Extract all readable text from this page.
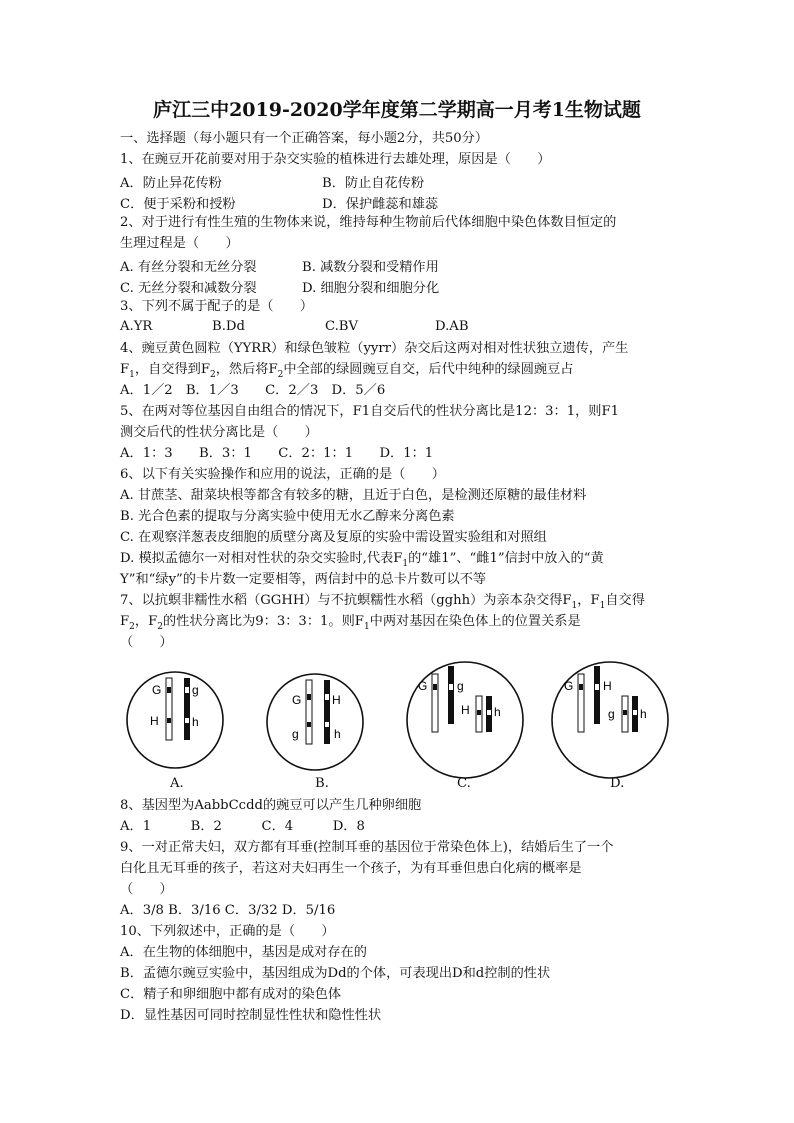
庐江三中2019-2020学年度第二学期高一月考1生物试题
一、选择题（每小题只有一个正确答案，每小题2分，共50分）
1、在豌豆开花前要对用于杂交实验的植株进行去雄处理，原因是（　　）
A．防止异花传粉	B．防止自花传粉
C．便于采粉和授粉	D．保护雌蕊和雄蕊
2、对于进行有性生殖的生物体来说，维持每种生物前后代体细胞中染色体数目恒定的
生理过程是（　　）
A. 有丝分裂和无丝分裂	B. 减数分裂和受精作用
C. 无丝分裂和减数分裂	D. 细胞分裂和细胞分化
3、下列不属于配子的是（　　）
A.YR	B.Dd	C.BV	D.AB
4、豌豆黄色圆粒（YYRR）和绿色皱粒（yyrr）杂交后这两对相对性状独立遗传，产生
$F_1$，自交得到$F_2$，然后将$F_2$中全部的绿圆豌豆自交，后代中纯种的绿圆豌豆占
A．1／2　B．1／3　　C．2／3　D．5／6
5、在两对等位基因自由组合的情况下，F1自交后代的性状分离比是12：3：1，则F1
测交后代的性状分离比是（　　）
A．1：3　　B．3：1　　C．2：1：1　　D．1：1
6、以下有关实验操作和应用的说法，正确的是（　　）
A. 甘蔗茎、甜菜块根等都含有较多的糖，且近于白色，是检测还原糖的最佳材料
B. 光合色素的提取与分离实验中使用无水乙醇来分离色素
C. 在观察洋葱表皮细胞的质壁分离及复原的实验中需设置实验组和对照组
D. 模拟孟德尔一对相对性状的杂交实验时,代表$F_1$的“雄1”、“雌1”信封中放入的“黄
Y”和“绿y”的卡片数一定要相等，两信封中的总卡片数可以不等
7、以抗螟非糯性水稻（GGHH）与不抗螟糯性水稻（gghh）为亲本杂交得$F_1$，$F_1$自交得
$F_2$，$F_2$的性状分离比为9：3：3：1。则$F_1$中两对基因在染色体上的位置关系是
（　　）
G	g
H	h
G	H
g	h
G g
H h
G H
g h
A.	B.	C.	D.
8、基因型为AabbCcdd的豌豆可以产生几种卵细胞
A．1　　　B．2　　　C．4　　　D．8
9、一对正常夫妇，双方都有耳垂(控制耳垂的基因位于常染色体上)，结婚后生了一个
白化且无耳垂的孩子，若这对夫妇再生一个孩子，为有耳垂但患白化病的概率是
（　　）
A．3/8 B．3/16 C．3/32 D．5/16
10、下列叙述中，正确的是（　　）
A．在生物的体细胞中，基因是成对存在的
B．孟德尔豌豆实验中，基因组成为Dd的个体，可表现出D和d控制的性状
C．精子和卵细胞中都有成对的染色体
D．显性基因可同时控制显性性状和隐性性状
